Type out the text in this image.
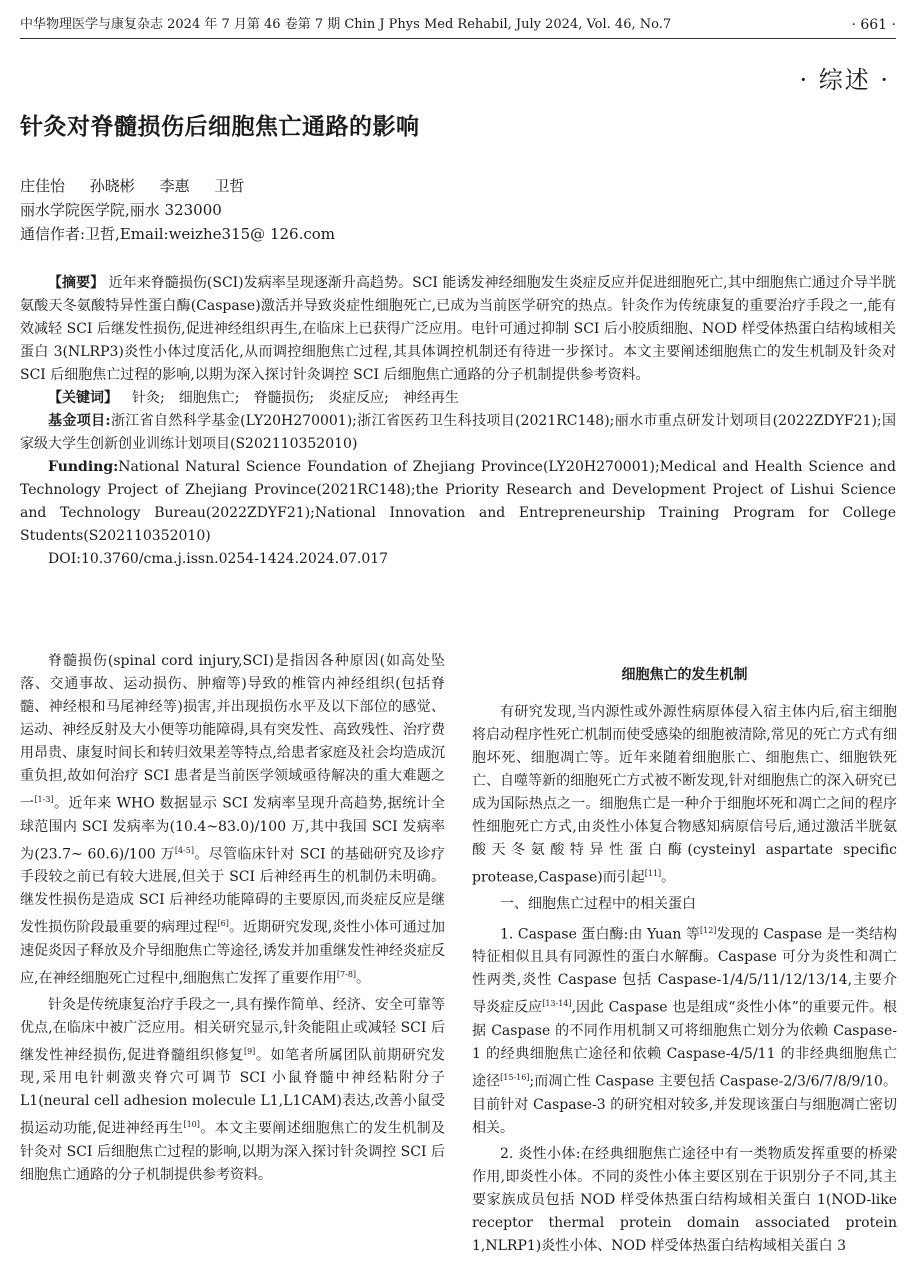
中华物理医学与康复杂志 2024 年 7 月第 46 卷第 7 期 Chin J Phys Med Rehabil, July 2024, Vol. 46, No.7	· 661 ·
· 综述 ·
针灸对脊髓损伤后细胞焦亡通路的影响
庄佳怡 孙晓彬 李惠 卫哲
丽水学院医学院,丽水 323000
通信作者:卫哲,Email:weizhe315@ 126.com

【摘要】 近年来脊髓损伤(SCI)发病率呈现逐渐升高趋势。SCI 能诱发神经细胞发生炎症反应并促进细胞死亡,其中细胞焦亡通过介导半胱氨酸天冬氨酸特异性蛋白酶(Caspase)激活并导致炎症性细胞死亡,已成为当前医学研究的热点。针灸作为传统康复的重要治疗手段之一,能有效减轻 SCI 后继发性损伤,促进神经组织再生,在临床上已获得广泛应用。电针可通过抑制 SCI 后小胶质细胞、NOD 样受体热蛋白结构域相关蛋白 3(NLRP3)炎性小体过度活化,从而调控细胞焦亡过程,其具体调控机制还有待进一步探讨。本文主要阐述细胞焦亡的发生机制及针灸对 SCI 后细胞焦亡过程的影响,以期为深入探讨针灸调控 SCI 后细胞焦亡通路的分子机制提供参考资料。

【关键词】 针灸; 细胞焦亡; 脊髓损伤; 炎症反应; 神经再生

基金项目:浙江省自然科学基金(LY20H270001);浙江省医药卫生科技项目(2021RC148);丽水市重点研发计划项目(2022ZDYF21);国家级大学生创新创业训练计划项目(S202110352010)

Funding:National Natural Science Foundation of Zhejiang Province(LY20H270001);Medical and Health Science and Technology Project of Zhejiang Province(2021RC148);the Priority Research and Development Project of Lishui Science and Technology Bureau(2022ZDYF21);National Innovation and Entrepreneurship Training Program for College Students(S202110352010)

DOI:10.3760/cma.j.issn.0254-1424.2024.07.017

脊髓损伤(spinal cord injury,SCI)是指因各种原因(如高处坠落、交通事故、运动损伤、肿瘤等)导致的椎管内神经组织(包括脊髓、神经根和马尾神经等)损害,并出现损伤水平及以下部位的感觉、运动、神经反射及大小便等功能障碍,具有突发性、高致残性、治疗费用昂贵、康复时间长和转归效果差等特点,给患者家庭及社会均造成沉重负担,故如何治疗 SCI 患者是当前医学领域亟待解决的重大难题之一[1-3]。近年来 WHO 数据显示 SCI 发病率呈现升高趋势,据统计全球范围内 SCI 发病率为(10.4~83.0)/100 万,其中我国 SCI 发病率为(23.7~ 60.6)/100 万[4-5]。尽管临床针对 SCI 的基础研究及诊疗手段较之前已有较大进展,但关于 SCI 后神经再生的机制仍未明确。继发性损伤是造成 SCI 后神经功能障碍的主要原因,而炎症反应是继发性损伤阶段最重要的病理过程[6]。近期研究发现,炎性小体可通过加速促炎因子释放及介导细胞焦亡等途径,诱发并加重继发性神经炎症反应,在神经细胞死亡过程中,细胞焦亡发挥了重要作用[7-8]。

针灸是传统康复治疗手段之一,具有操作简单、经济、安全可靠等优点,在临床中被广泛应用。相关研究显示,针灸能阻止或减轻 SCI 后继发性神经损伤,促进脊髓组织修复[9]。如笔者所属团队前期研究发现,采用电针刺激夹脊穴可调节 SCI 小鼠脊髓中神经粘附分子 L1(neural cell adhesion molecule L1,L1CAM)表达,改善小鼠受损运动功能,促进神经再生[10]。本文主要阐述细胞焦亡的发生机制及针灸对 SCI 后细胞焦亡过程的影响,以期为深入探讨针灸调控 SCI 后细胞焦亡通路的分子机制提供参考资料。

细胞焦亡的发生机制

有研究发现,当内源性或外源性病原体侵入宿主体内后,宿主细胞将启动程序性死亡机制而使受感染的细胞被清除,常见的死亡方式有细胞坏死、细胞凋亡等。近年来随着细胞胀亡、细胞焦亡、细胞铁死亡、自噬等新的细胞死亡方式被不断发现,针对细胞焦亡的深入研究已成为国际热点之一。细胞焦亡是一种介于细胞坏死和凋亡之间的程序性细胞死亡方式,由炎性小体复合物感知病原信号后,通过激活半胱氨酸天冬氨酸特异性蛋白酶(cysteinyl aspartate specific protease,Caspase)而引起[11]。

一、细胞焦亡过程中的相关蛋白

1. Caspase 蛋白酶:由 Yuan 等[12]发现的 Caspase 是一类结构特征相似且具有同源性的蛋白水解酶。Caspase 可分为炎性和凋亡性两类,炎性 Caspase 包括 Caspase-1/4/5/11/12/13/14,主要介导炎症反应[13-14],因此 Caspase 也是组成“炎性小体”的重要元件。根据 Caspase 的不同作用机制又可将细胞焦亡划分为依赖 Caspase-1 的经典细胞焦亡途径和依赖 Caspase-4/5/11 的非经典细胞焦亡途径[15-16];而凋亡性 Caspase 主要包括 Caspase-2/3/6/7/8/9/10。目前针对 Caspase-3 的研究相对较多,并发现该蛋白与细胞凋亡密切相关。

2. 炎性小体:在经典细胞焦亡途径中有一类物质发挥重要的桥梁作用,即炎性小体。不同的炎性小体主要区别在于识别分子不同,其主要家族成员包括 NOD 样受体热蛋白结构域相关蛋白 1(NOD-like receptor thermal protein domain associated protein 1,NLRP1)炎性小体、NOD 样受体热蛋白结构域相关蛋白 3
